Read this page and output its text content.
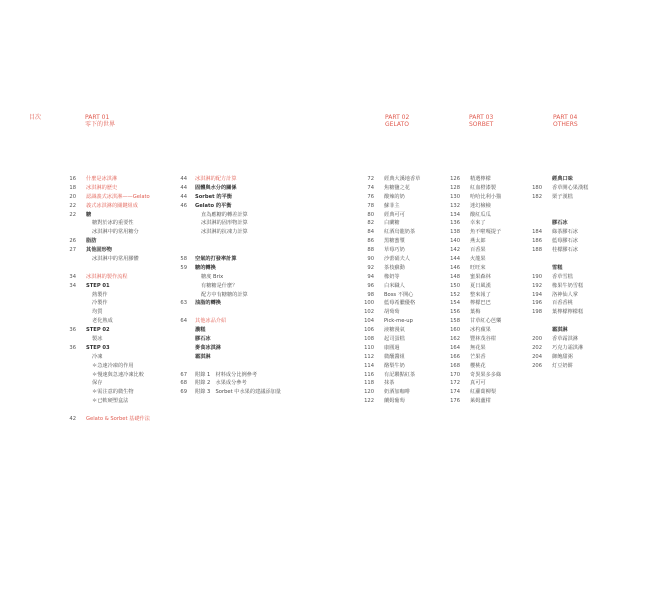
目次	PART 01
零下的世界
PART 02
GELATO
PART 03
SORBET
PART 04
OTHERS
16 什麼是冰淇淋
18 冰淇淋的歷史
20 認識義式冰淇淋——Gelato
22 義式冰淇淋的關鍵組成
22 糖
糖對於冰的重要性
冰淇淋中的常用糖分
26 脂肪
27 其他固形物
冰淇淋中的常用膠體
34 冰淇淋的製作流程
34 STEP 01
熱製作
冷製作
均質
老化熟成
36 STEP 02
製冰
36 STEP 03
冷凍
＊急速冷凍的作用
＊慢速與急速冷凍比較
保存
＊需注意的微生物
＊已軟硬塑盒法
42 Gelato & Sorbet 基礎作法
44 冰淇淋的配方計算
44 固體與水分的關係
44 Sorbet 的平衡
46 Gelato 的平衡
直為應糖的轉差計算
冰淇淋的固形物計算
冰淇淋的抗凍力計算
58 空氣的打發率計算
59 糖的轉換
糖度 Brix
有糖糖是什麼？
配方中有糖糖的計算
63 油脂的轉換
64 其他冰品介紹
濃糕
膠石冰
麥食冰淇淋
霜淇淋
67 附錄 1　材料成分比例參考
68 附錄 2　水果成分參考
69 附錄 3　Sorbet 中水果的建議添加量
72 經典大溪地香草
74 焦糖鹽之花
76 酸辣的奶
78 蘇菲主
80 經典可可
82 白蘭糖
84 紅酒烏龍奶茶
86 黑糖蜜漿
88 草莓巧奶
90 沙蕾硝夫人
92 茶枝蘇動
94 橡奶等
96 白米職人
98 Boss 不開心
100 藍莓希臘優格
102 胡萄萄
104 Pick-me-up
106 液糖漫氣
108 起司蛋糕
110 康圓過
112 微醺醬組
114 酪梨牛奶
116 有記聯點紅茶
118 抹茶
120 奶酒加咖啡
122 蘭姆葡萄
126 精選檸檬
128 紅血橙漆製
130 哈哈比利小猫
132 迷幻檢檢
134 酸紅瓜瓜
136 幸來了
138 魚不啦嘎提子
140 燕太郎
142 百香果
144 火龍果
146 旺旺來
148 蜜果森林
150 夏日風漢
152 整來報了
154 檸檬巴巴
156 葉梅
158 甘草紅心芭樂
160 冰杓蘋果
162 豐林茂谷柑
164 無花果
166 芒果香
168 櫻桃花
170 奇異果多多綠
172 真可可
174 紅蘿蔔柳梨
176 萊姆蘆柑
經典口味
180 香草開心果漢糕
182 栗子漢糕
膠石冰
184 綠茶膠石冰
186 藍莓膠石冰
188 桂檬膠石冰
雪糕
190 香草雪糕
192 橡果牛奶雪糕
194 洛神仙人掌
196 百香香桃
198 葉檸檬檸檬糕
霜淇淋
200 香草霜淇淋
202 巧克力霜淇淋
204 御飽甜粥
206 灯豆奶餅
